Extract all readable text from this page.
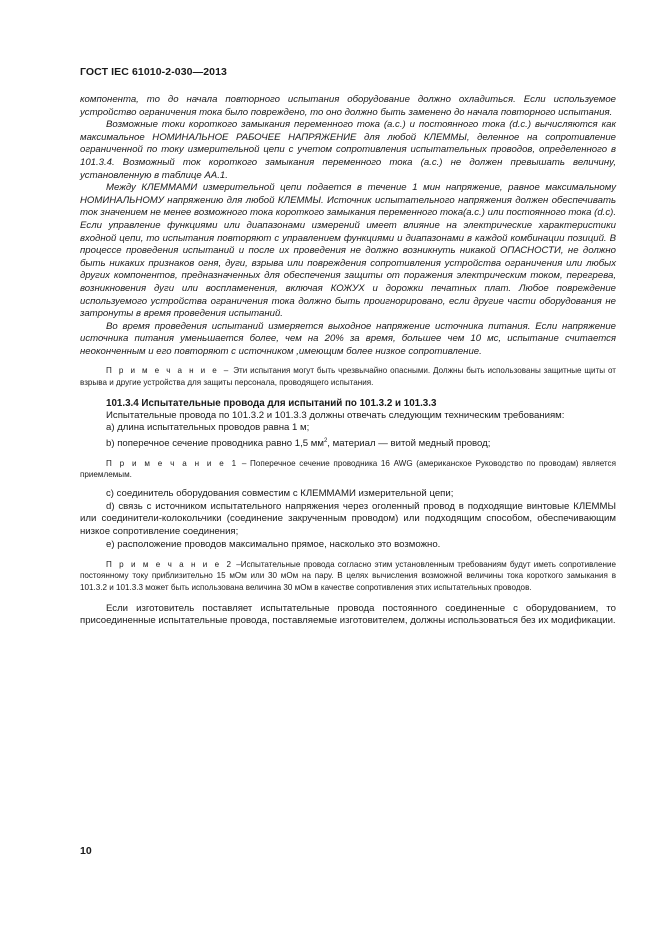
ГОСТ IEC 61010-2-030—2013

компонента, то до начала повторного испытания оборудование должно охладиться. Если используемое устройство ограничения тока было повреждено, то оно должно быть заменено до начала повторного испытания.

Возможные токи короткого замыкания переменного тока (a.c.) и постоянного тока (d.c.) вычисляются как максимальное НОМИНАЛЬНОЕ РАБОЧЕЕ НАПРЯЖЕНИЕ для любой КЛЕММЫ, деленное на сопротивление ограниченной по току измерительной цепи с учетом сопротивления испытательных проводов, определенного в 101.3.4. Возможный ток короткого замыкания переменного тока (a.c.) не должен превышать величину, установленную в таблице АА.1.

Между КЛЕММАМИ измерительной цепи подается в течение 1 мин напряжение, равное максимальному НОМИНАЛЬНОМУ напряжению для любой КЛЕММЫ. Источник испытательного напряжения должен обеспечивать ток значением не менее возможного тока короткого замыкания переменного тока(a.c.) или постоянного тока (d.c). Если управление функциями или диапазонами измерений имеет влияние на электрические характеристики входной цепи, то испытания повторяют с управлением функциями и диапазонами в каждой комбинации позиций. В процессе проведения испытаний и после их проведения не должно возникнуть никакой ОПАСНОСТИ, не должно быть никаких признаков огня, дуги, взрыва или повреждения сопротивления устройства ограничения или любых других компонентов, предназначенных для обеспечения защиты от поражения электрическим током, перегрева, возникновения дуги или воспламенения, включая КОЖУХ и дорожки печатных плат. Любое повреждение используемого устройства ограничения тока должно быть проигнорировано, если другие части оборудования не затронуты в время проведения испытаний.

Во время проведения испытаний измеряется выходное напряжение источника питания. Если напряжение источника питания уменьшается более, чем на 20% за время, большее чем 10 мс, испытание считается неоконченным и его повторяют с источником ,имеющим более низкое сопротивление.

П р и м е ч а н и е – Эти испытания могут быть чрезвычайно опасными. Должны быть использованы защитные щиты от взрыва и другие устройства для защиты персонала, проводящего испытания.

101.3.4 Испытательные провода для испытаний по 101.3.2 и 101.3.3

Испытательные провода по 101.3.2 и 101.3.3 должны отвечать следующим техническим требованиям:

a) длина испытательных проводов равна 1 м;

b) поперечное сечение проводника равно 1,5 $мм^2$, материал — витой медный провод;

П р и м е ч а н и е 1 – Поперечное сечение проводника 16 AWG (американское Руководство по проводам) является приемлемым.

c) соединитель оборудования совместим с КЛЕММАМИ измерительной цепи;

d) связь с источником испытательного напряжения через оголенный провод в подходящие винтовые КЛЕММЫ или соединители-колокольчики (соединение закрученным проводом) или подходящим способом, обеспечивающим низкое сопротивление соединения;

e) расположение проводов максимально прямое, насколько это возможно.

П р и м е ч а н и е 2 –Испытательные провода согласно этим установленным требованиям будут иметь сопротивление постоянному току приблизительно 15 мОм или 30 мОм на пару. В целях вычисления возможной величины тока короткого замыкания в 101.3.2 и 101.3.3 может быть использована величина 30 мОм в качестве сопротивления этих испытательных проводов.

Если изготовитель поставляет испытательные провода постоянного соединенные с оборудованием, то присоединенные испытательные провода, поставляемые изготовителем, должны использоваться без их модификации.

10
